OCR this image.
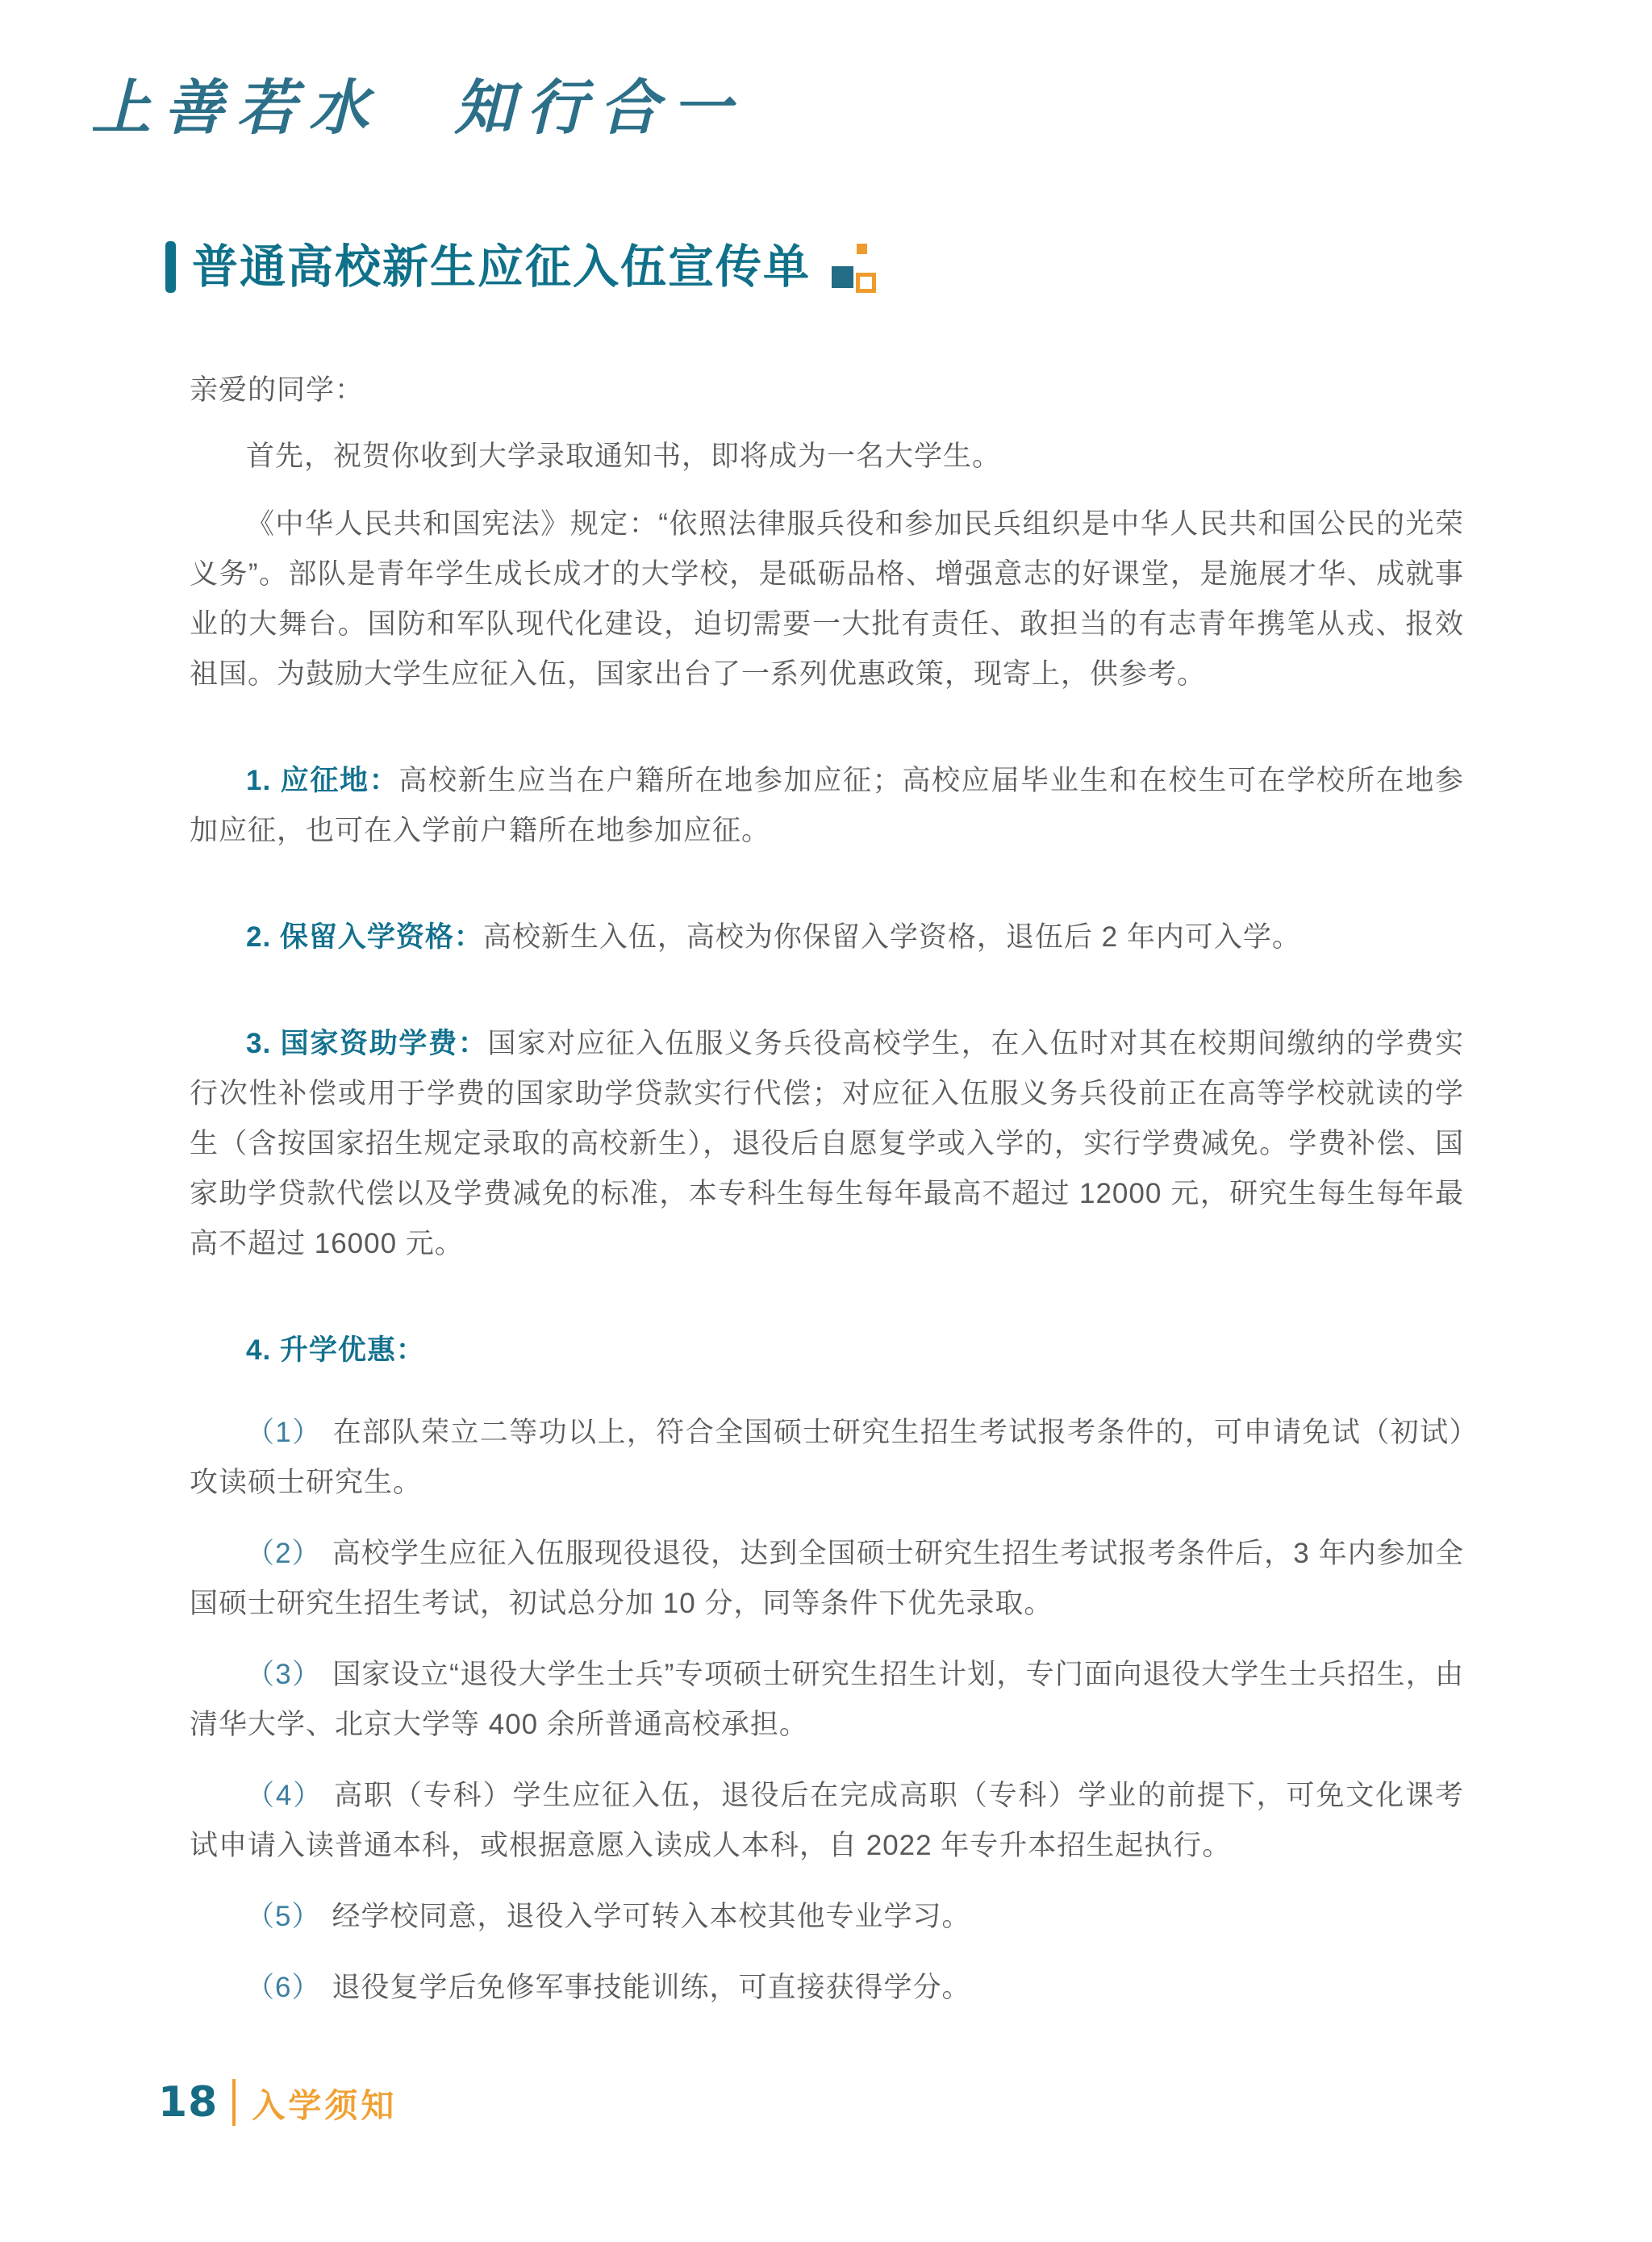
上善若水　知行合一
普通高校新生应征入伍宣传单

亲爱的同学：

首先，祝贺你收到大学录取通知书，即将成为一名大学生。

《中华人民共和国宪法》规定：“依照法律服兵役和参加民兵组织是中华人民共和国公民的光荣义务”。部队是青年学生成长成才的大学校，是砥砺品格、增强意志的好课堂，是施展才华、成就事业的大舞台。国防和军队现代化建设，迫切需要一大批有责任、敢担当的有志青年携笔从戎、报效祖国。为鼓励大学生应征入伍，国家出台了一系列优惠政策，现寄上，供参考。

1. 应征地：高校新生应当在户籍所在地参加应征；高校应届毕业生和在校生可在学校所在地参加应征，也可在入学前户籍所在地参加应征。

2. 保留入学资格：高校新生入伍，高校为你保留入学资格，退伍后 2 年内可入学。

3. 国家资助学费：国家对应征入伍服义务兵役高校学生，在入伍时对其在校期间缴纳的学费实行次性补偿或用于学费的国家助学贷款实行代偿；对应征入伍服义务兵役前正在高等学校就读的学生（含按国家招生规定录取的高校新生），退役后自愿复学或入学的，实行学费减免。学费补偿、国家助学贷款代偿以及学费减免的标准，本专科生每生每年最高不超过 12000 元，研究生每生每年最高不超过 16000 元。

4. 升学优惠：

（1） 在部队荣立二等功以上，符合全国硕士研究生招生考试报考条件的，可申请免试（初试）攻读硕士研究生。

（2） 高校学生应征入伍服现役退役，达到全国硕士研究生招生考试报考条件后，3 年内参加全国硕士研究生招生考试，初试总分加 10 分，同等条件下优先录取。

（3） 国家设立“退役大学生士兵”专项硕士研究生招生计划，专门面向退役大学生士兵招生，由清华大学、北京大学等 400 余所普通高校承担。

（4） 高职（专科）学生应征入伍，退役后在完成高职（专科）学业的前提下，可免文化课考试申请入读普通本科，或根据意愿入读成人本科，自 2022 年专升本招生起执行。

（5） 经学校同意，退役入学可转入本校其他专业学习。

（6） 退役复学后免修军事技能训练，可直接获得学分。

18 入学须知
